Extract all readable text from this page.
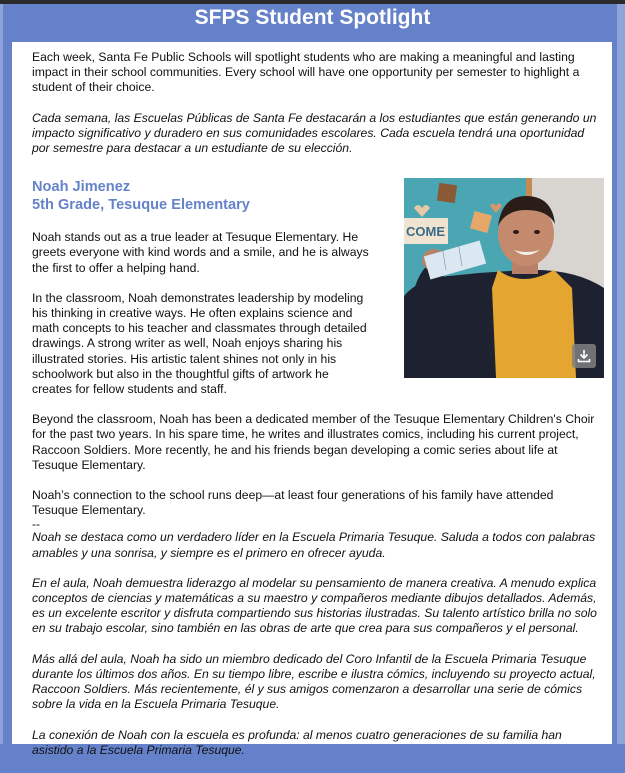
SFPS Student Spotlight

Each week, Santa Fe Public Schools will spotlight students who are making a meaningful and lasting impact in their school communities. Every school will have one opportunity per semester to highlight a student of their choice.

Cada semana, las Escuelas Públicas de Santa Fe destacarán a los estudiantes que están generando un impacto significativo y duradero en sus comunidades escolares. Cada escuela tendrá una oportunidad por semestre para destacar a un estudiante de su elección.

COME
Noah Jimenez
5th Grade, Tesuque Elementary

Noah stands out as a true leader at Tesuque Elementary. He greets everyone with kind words and a smile, and he is always the first to offer a helping hand.

In the classroom, Noah demonstrates leadership by modeling his thinking in creative ways. He often explains science and math concepts to his teacher and classmates through detailed drawings. A strong writer as well, Noah enjoys sharing his illustrated stories. His artistic talent shines not only in his schoolwork but also in the thoughtful gifts of artwork he creates for fellow students and staff.

Beyond the classroom, Noah has been a dedicated member of the Tesuque Elementary Children's Choir for the past two years. In his spare time, he writes and illustrates comics, including his current project, Raccoon Soldiers. More recently, he and his friends began developing a comic series about life at Tesuque Elementary.

Noah’s connection to the school runs deep—at least four generations of his family have attended Tesuque Elementary.

--

Noah se destaca como un verdadero líder en la Escuela Primaria Tesuque. Saluda a todos con palabras amables y una sonrisa, y siempre es el primero en ofrecer ayuda.

En el aula, Noah demuestra liderazgo al modelar su pensamiento de manera creativa. A menudo explica conceptos de ciencias y matemáticas a su maestro y compañeros mediante dibujos detallados. Además, es un excelente escritor y disfruta compartiendo sus historias ilustradas. Su talento artístico brilla no solo en su trabajo escolar, sino también en las obras de arte que crea para sus compañeros y el personal.

Más allá del aula, Noah ha sido un miembro dedicado del Coro Infantil de la Escuela Primaria Tesuque durante los últimos dos años. En su tiempo libre, escribe e ilustra cómics, incluyendo su proyecto actual, Raccoon Soldiers. Más recientemente, él y sus amigos comenzaron a desarrollar una serie de cómics sobre la vida en la Escuela Primaria Tesuque.

La conexión de Noah con la escuela es profunda: al menos cuatro generaciones de su familia han asistido a la Escuela Primaria Tesuque.
